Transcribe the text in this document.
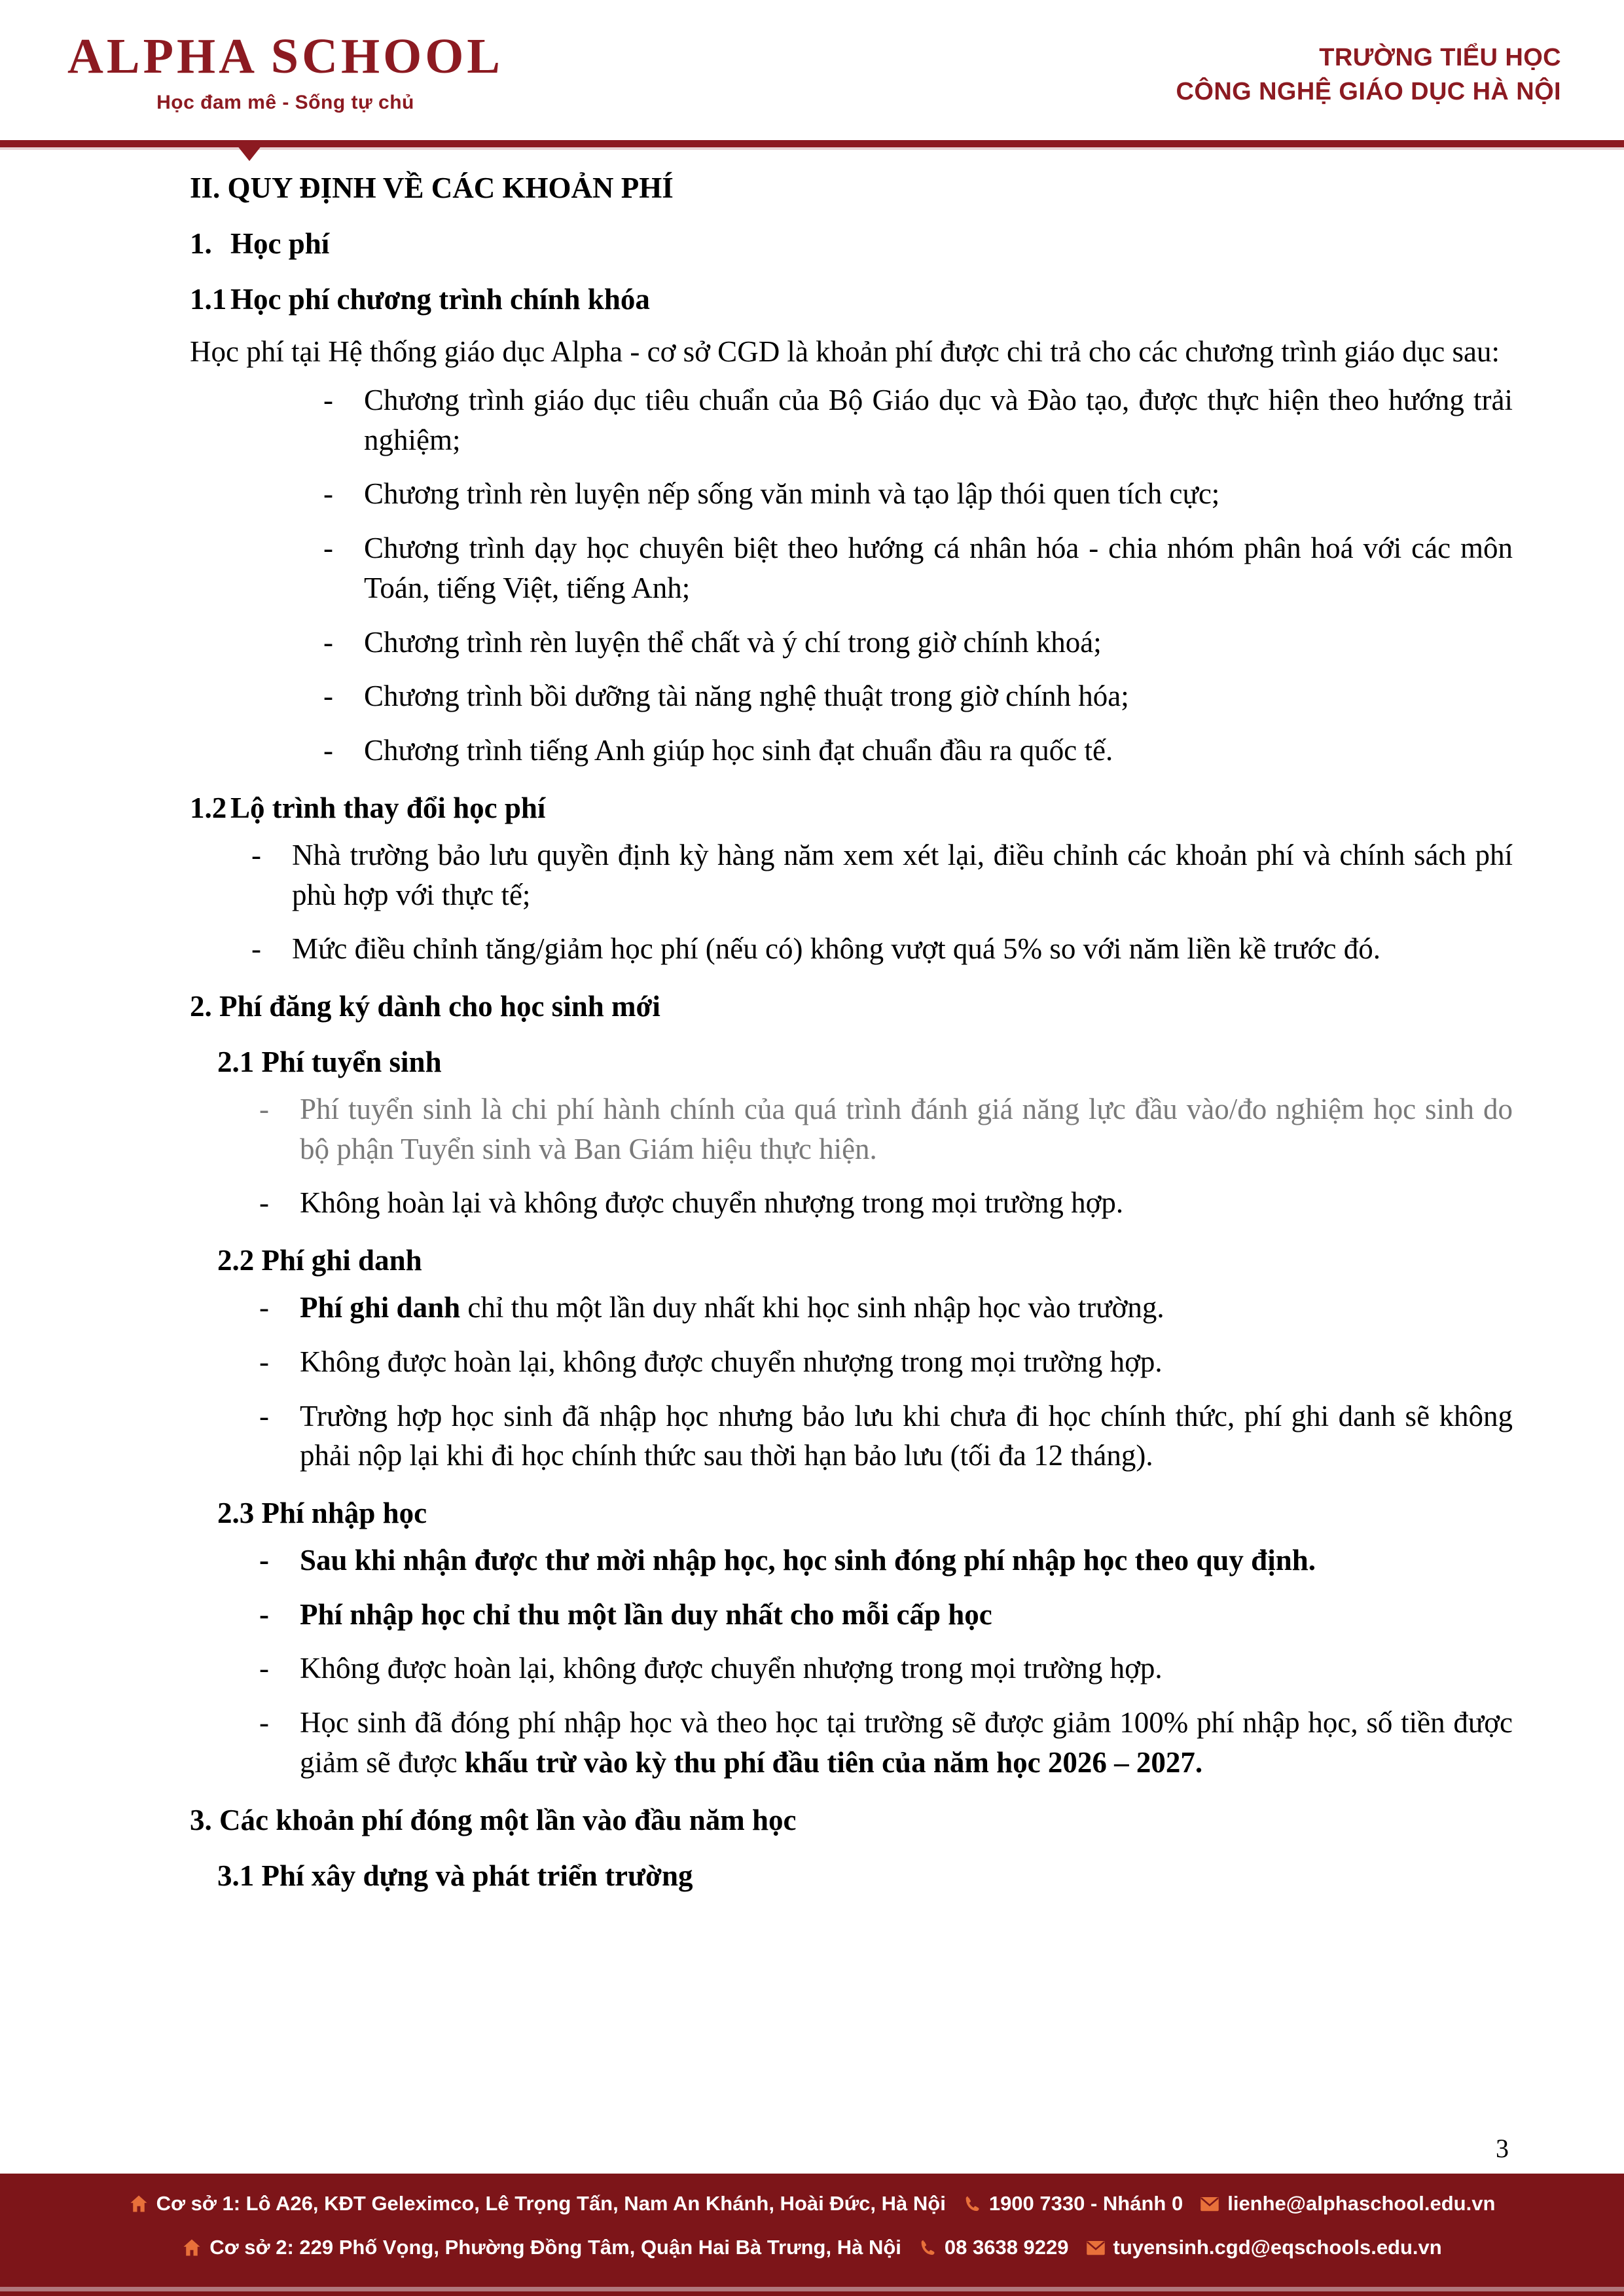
ALPHA SCHOOL
Học đam mê - Sống tự chủ
TRƯỜNG TIỂU HỌC
CÔNG NGHỆ GIÁO DỤC HÀ NỘI
II. QUY ĐỊNH VỀ CÁC KHOẢN PHÍ
1. Học phí
1.1 Học phí chương trình chính khóa
Học phí tại Hệ thống giáo dục Alpha - cơ sở CGD là khoản phí được chi trả cho các chương trình giáo dục sau:
- Chương trình giáo dục tiêu chuẩn của Bộ Giáo dục và Đào tạo, được thực hiện theo hướng trải nghiệm;
- Chương trình rèn luyện nếp sống văn minh và tạo lập thói quen tích cực;
- Chương trình dạy học chuyên biệt theo hướng cá nhân hóa - chia nhóm phân hoá với các môn Toán, tiếng Việt, tiếng Anh;
- Chương trình rèn luyện thể chất và ý chí trong giờ chính khoá;
- Chương trình bồi dưỡng tài năng nghệ thuật trong giờ chính hóa;
- Chương trình tiếng Anh giúp học sinh đạt chuẩn đầu ra quốc tế.
1.2 Lộ trình thay đổi học phí
- Nhà trường bảo lưu quyền định kỳ hàng năm xem xét lại, điều chỉnh các khoản phí và chính sách phí phù hợp với thực tế;
- Mức điều chỉnh tăng/giảm học phí (nếu có) không vượt quá 5% so với năm liền kề trước đó.
2. Phí đăng ký dành cho học sinh mới
2.1 Phí tuyển sinh
- Phí tuyển sinh là chi phí hành chính của quá trình đánh giá năng lực đầu vào/đo nghiệm học sinh do bộ phận Tuyển sinh và Ban Giám hiệu thực hiện.
- Không hoàn lại và không được chuyển nhượng trong mọi trường hợp.
2.2 Phí ghi danh
- Phí ghi danh chỉ thu một lần duy nhất khi học sinh nhập học vào trường.
- Không được hoàn lại, không được chuyển nhượng trong mọi trường hợp.
- Trường hợp học sinh đã nhập học nhưng bảo lưu khi chưa đi học chính thức, phí ghi danh sẽ không phải nộp lại khi đi học chính thức sau thời hạn bảo lưu (tối đa 12 tháng).
2.3 Phí nhập học
- Sau khi nhận được thư mời nhập học, học sinh đóng phí nhập học theo quy định.
- Phí nhập học chỉ thu một lần duy nhất cho mỗi cấp học
- Không được hoàn lại, không được chuyển nhượng trong mọi trường hợp.
- Học sinh đã đóng phí nhập học và theo học tại trường sẽ được giảm 100% phí nhập học, số tiền được giảm sẽ được khấu trừ vào kỳ thu phí đầu tiên của năm học 2026 – 2027.
3. Các khoản phí đóng một lần vào đầu năm học
3.1 Phí xây dựng và phát triển trường
3
Cơ sở 1: Lô A26, KĐT Geleximco, Lê Trọng Tấn, Nam An Khánh, Hoài Đức, Hà Nội 1900 7330 - Nhánh 0 lienhe@alphaschool.edu.vn
Cơ sở 2: 229 Phố Vọng, Phường Đồng Tâm, Quận Hai Bà Trưng, Hà Nội 08 3638 9229 tuyensinh.cgd@eqschools.edu.vn
